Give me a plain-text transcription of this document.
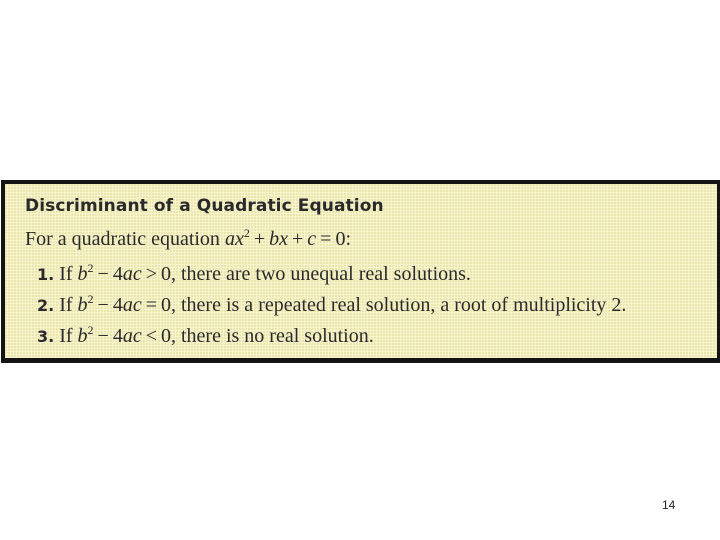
Discriminant of a Quadratic Equation
For a quadratic equation $ax^2$ + bx + c = 0:
1. If $b^2 - 4ac > 0$, there are two unequal real solutions.
2. If $b^2 - 4ac = 0$, there is a repeated real solution, a root of multiplicity 2.
3. If $b^2 - 4ac < 0$, there is no real solution.
14
